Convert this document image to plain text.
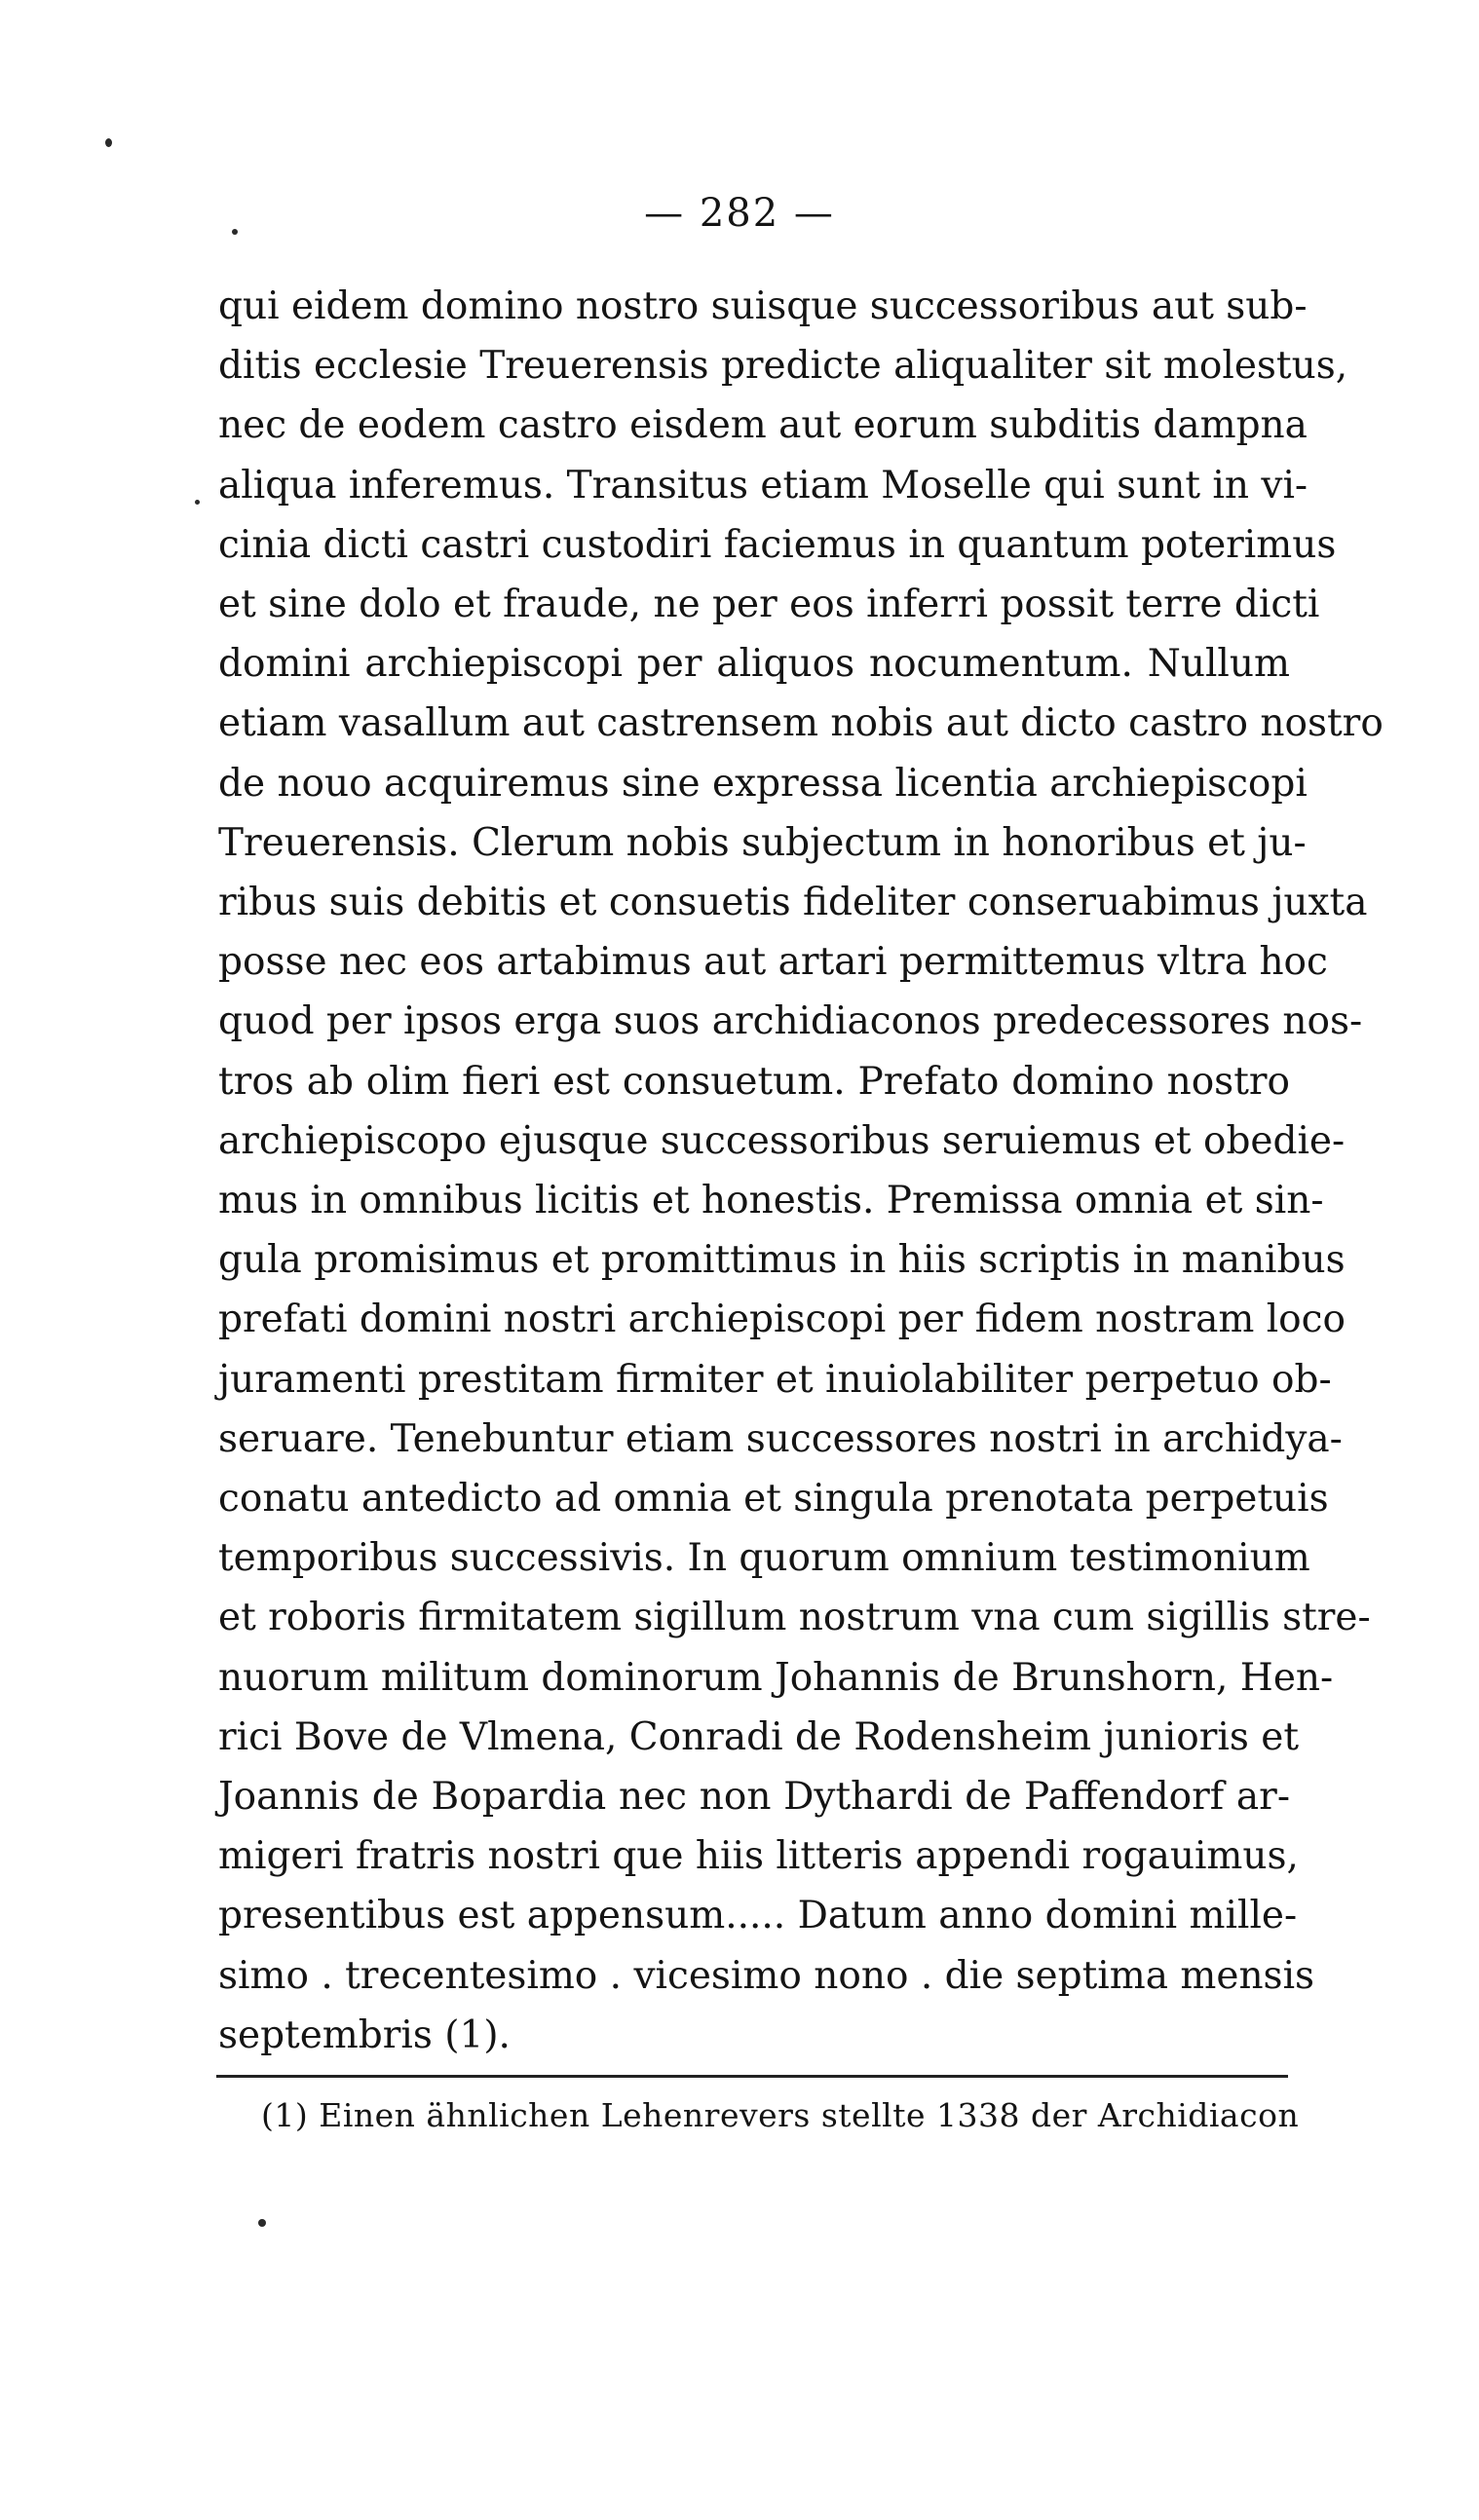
— 282 —
qui eidem domino nostro suisque successoribus aut sub-
ditis ecclesie Treuerensis predicte aliqualiter sit molestus,
nec de eodem castro eisdem aut eorum subditis dampna
aliqua inferemus. Transitus etiam Moselle qui sunt in vi-
cinia dicti castri custodiri faciemus in quantum poterimus
et sine dolo et fraude, ne per eos inferri possit terre dicti
domini archiepiscopi per aliquos nocumentum. Nullum
etiam vasallum aut castrensem nobis aut dicto castro nostro
de nouo acquiremus sine expressa licentia archiepiscopi
Treuerensis. Clerum nobis subjectum in honoribus et ju-
ribus suis debitis et consuetis fideliter conseruabimus juxta
posse nec eos artabimus aut artari permittemus vltra hoc
quod per ipsos erga suos archidiaconos predecessores nos-
tros ab olim fieri est consuetum. Prefato domino nostro
archiepiscopo ejusque successoribus seruiemus et obedie-
mus in omnibus licitis et honestis. Premissa omnia et sin-
gula promisimus et promittimus in hiis scriptis in manibus
prefati domini nostri archiepiscopi per fidem nostram loco
juramenti prestitam firmiter et inuiolabiliter perpetuo ob-
seruare. Tenebuntur etiam successores nostri in archidya-
conatu antedicto ad omnia et singula prenotata perpetuis
temporibus successivis. In quorum omnium testimonium
et roboris firmitatem sigillum nostrum vna cum sigillis stre-
nuorum militum dominorum Johannis de Brunshorn, Hen-
rici Bove de Vlmena, Conradi de Rodensheim junioris et
Joannis de Bopardia nec non Dythardi de Paffendorf ar-
migeri fratris nostri que hiis litteris appendi rogauimus,
presentibus est appensum..... Datum anno domini mille-
simo . trecentesimo . vicesimo nono . die septima mensis
septembris (1).
(1) Einen ähnlichen Lehenrevers stellte 1338 der Archidiacon
